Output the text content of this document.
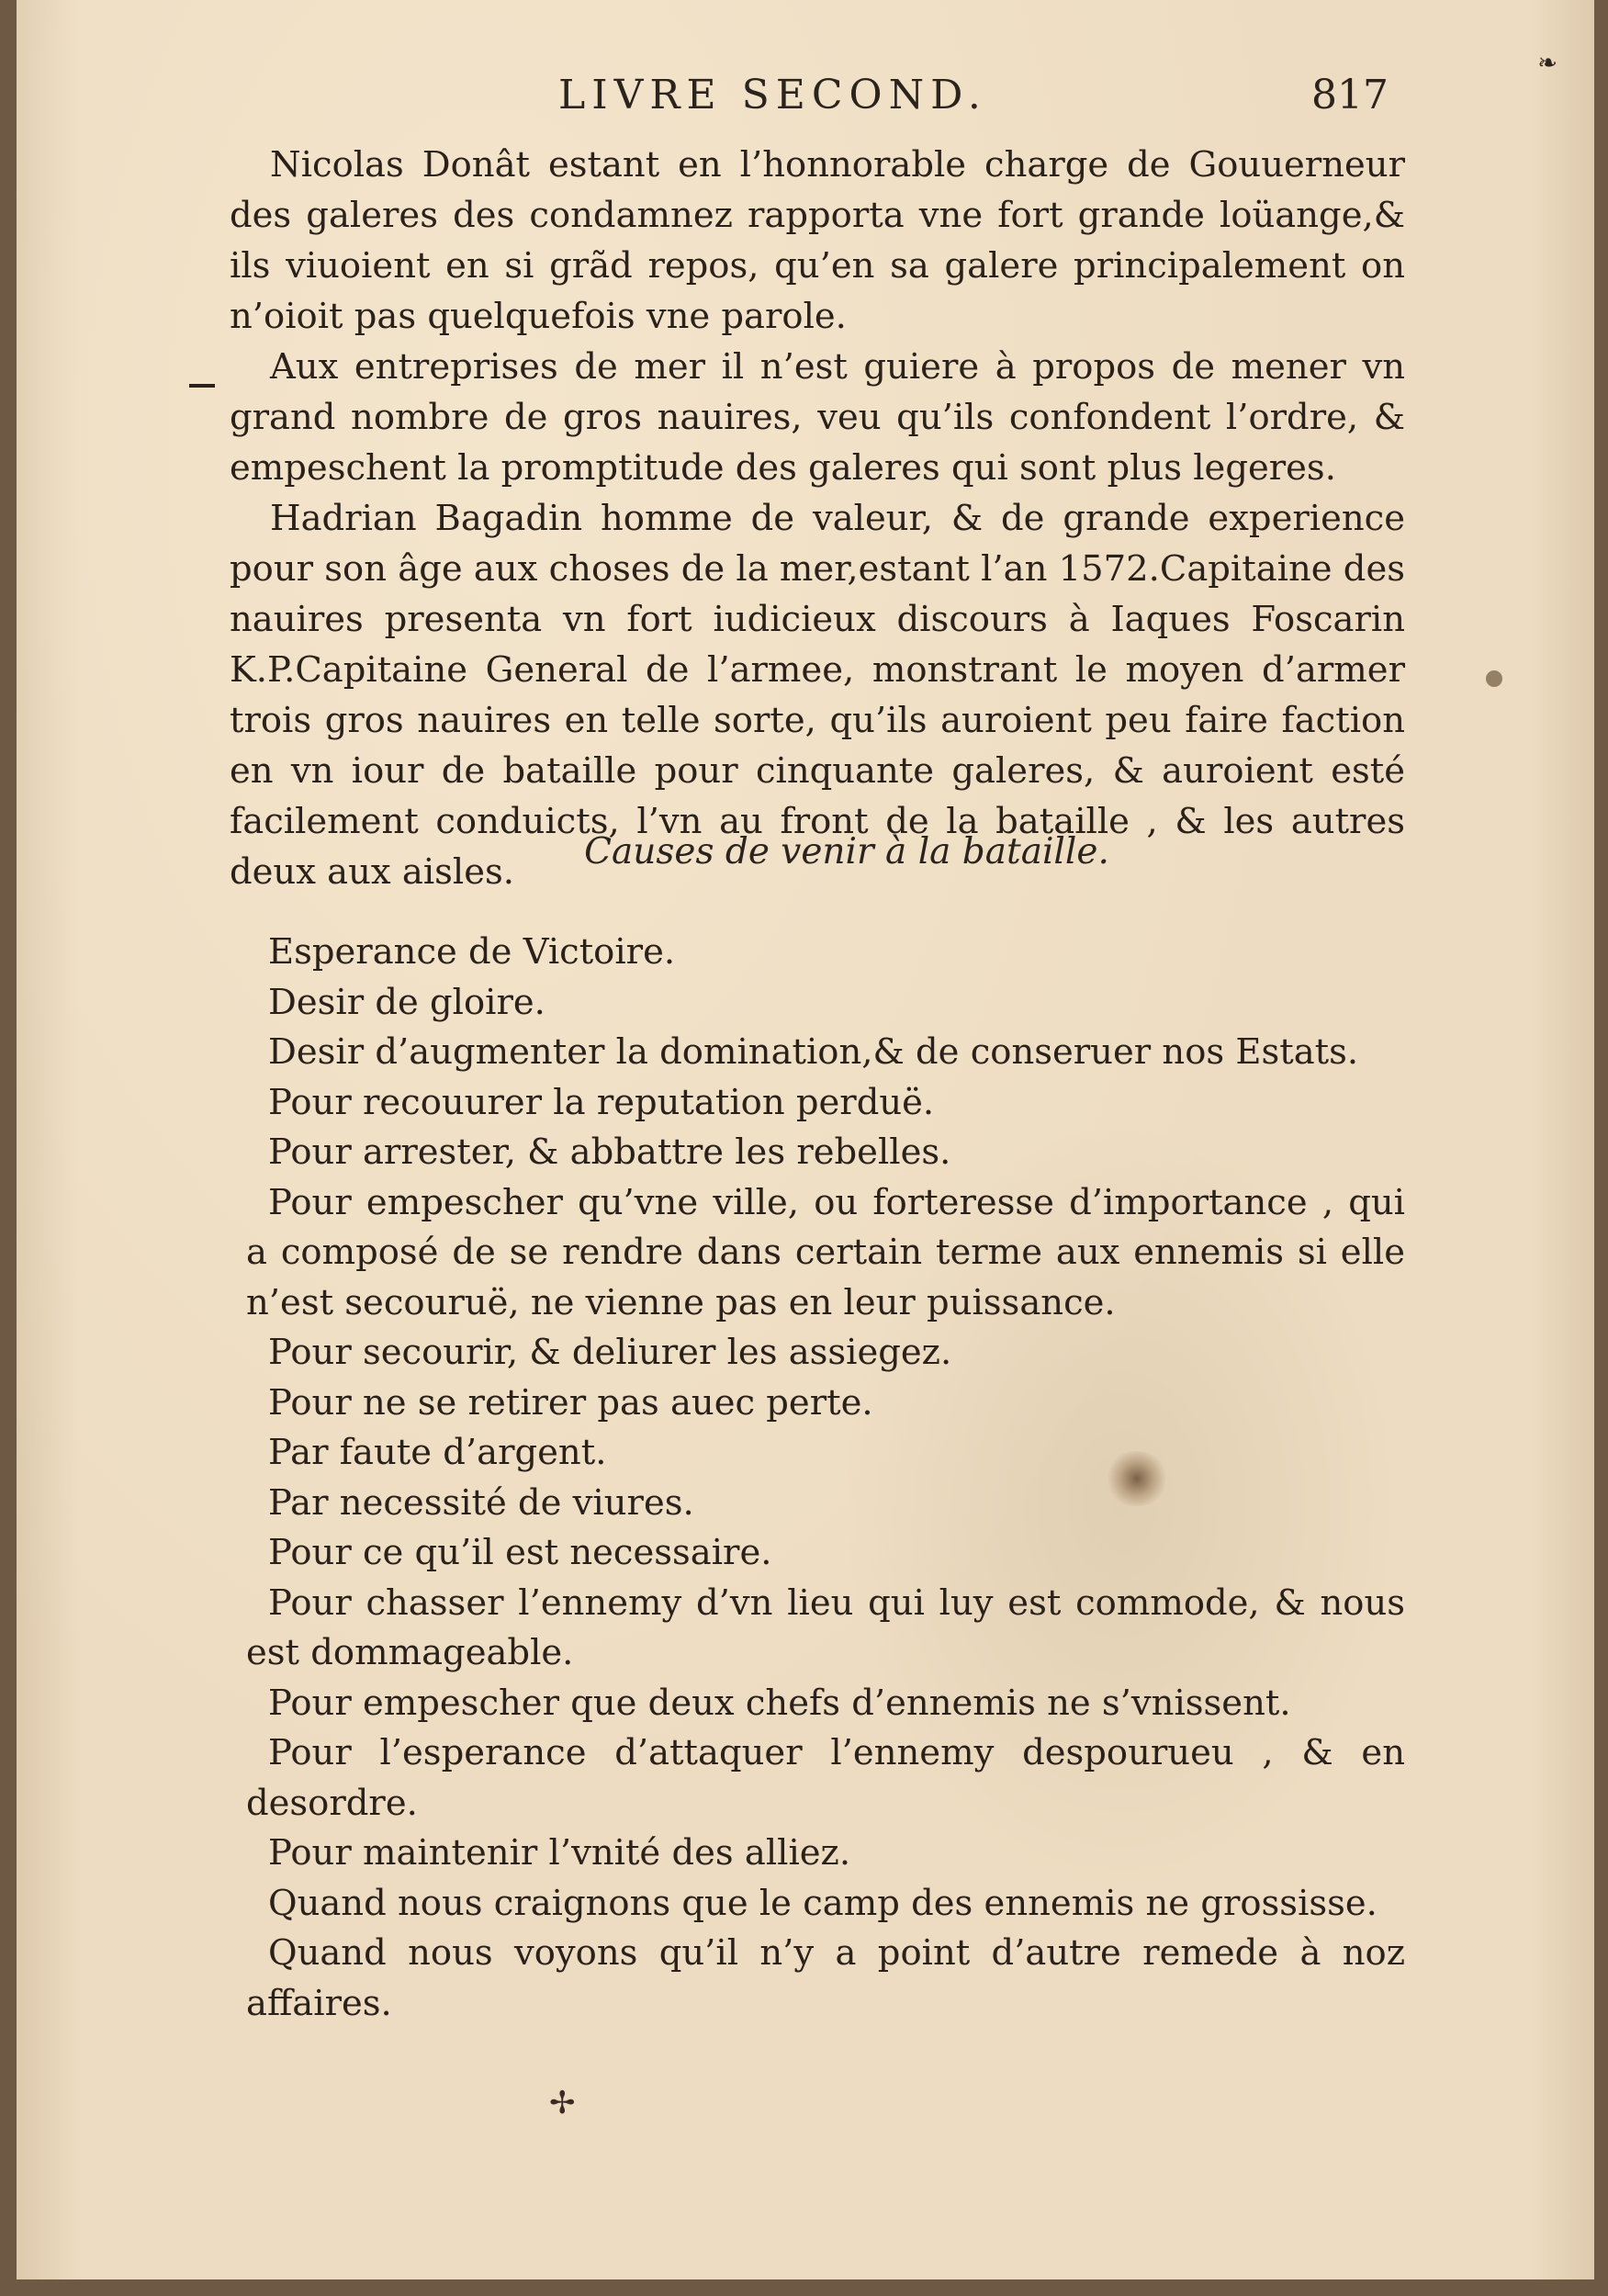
❧
LIVRE SECOND.	817

Nicolas Donât estant en l’honnorable charge de Gouuerneur des galeres des condamnez rapporta vne fort grande loüange,& ils viuoient en si grãd repos, qu’en sa galere principalement on n’oioit pas quelquefois vne parole.

Aux entreprises de mer il n’est guiere à propos de mener vn grand nombre de gros nauires, veu qu’ils confondent l’ordre, & empeschent la promptitude des galeres qui sont plus legeres.

Hadrian Bagadin homme de valeur, & de grande experience pour son âge aux choses de la mer,estant l’an 1572.Capitaine des nauires presenta vn fort iudicieux discours à Iaques Foscarin K.P.Capitaine General de l’armee, monstrant le moyen d’armer trois gros nauires en telle sorte, qu’ils auroient peu faire faction en vn iour de bataille pour cinquante galeres, & auroient esté facilement conduicts, l’vn au front de la bataille , & les autres deux aux aisles.	Causes de venir à la bataille.

Esperance de Victoire.

Desir de gloire.

Desir d’augmenter la domination,& de conseruer nos Estats.

Pour recouurer la reputation perduë.

Pour arrester, & abbattre les rebelles.

Pour empescher qu’vne ville, ou forteresse d’importance , qui a composé de se rendre dans certain terme aux ennemis si elle n’est secouruë, ne vienne pas en leur puissance.

Pour secourir, & deliurer les assiegez.

Pour ne se retirer pas auec perte.

Par faute d’argent.

Par necessité de viures.

Pour ce qu’il est necessaire.

Pour chasser l’ennemy d’vn lieu qui luy est commode, & nous est dommageable.

Pour empescher que deux chefs d’ennemis ne s’vnissent.

Pour l’esperance d’attaquer l’ennemy despourueu , & en desordre.

Pour maintenir l’vnité des alliez.

Quand nous craignons que le camp des ennemis ne grossisse.

Quand nous voyons qu’il n’y a point d’autre remede à noz affaires.

✢
